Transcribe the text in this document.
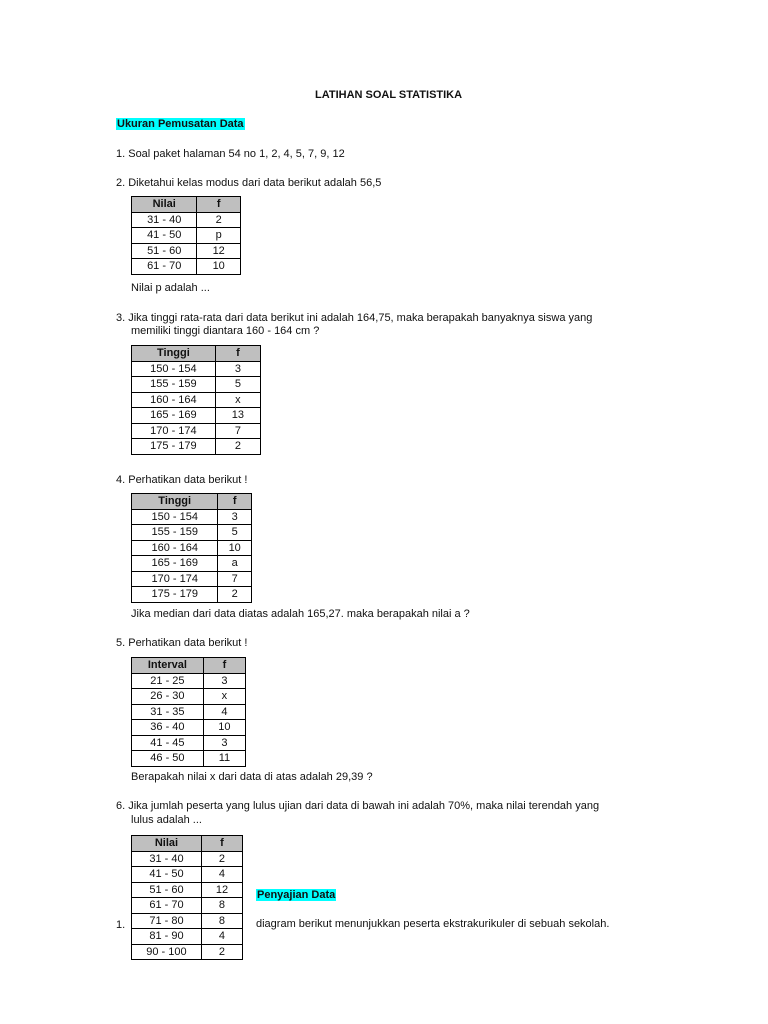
LATIHAN SOAL STATISTIKA
Ukuran Pemusatan Data
1. Soal paket halaman 54 no 1, 2, 4, 5, 7, 9, 12
2. Diketahui kelas modus dari data berikut adalah 56,5
Nilai	f
31 - 40	2
41 - 50	p
51 - 60	12
61 - 70	10
Nilai p adalah ...
3. Jika tinggi rata-rata dari data berikut ini adalah 164,75, maka berapakah banyaknya siswa yang
memiliki tinggi diantara 160 - 164 cm ?
Tinggi	f
150 - 154	3
155 - 159	5
160 - 164	x
165 - 169	13
170 - 174	7
175 - 179	2
4. Perhatikan data berikut !
Tinggi	f
150 - 154	3
155 - 159	5
160 - 164	10
165 - 169	a
170 - 174	7
175 - 179	2
Jika median dari data diatas adalah 165,27. maka berapakah nilai a ?
5. Perhatikan data berikut !
Interval	f
21 - 25	3
26 - 30	x
31 - 35	4
36 - 40	10
41 - 45	3
46 - 50	11
Berapakah nilai x dari data di atas adalah 29,39 ?
6. Jika jumlah peserta yang lulus ujian dari data di bawah ini adalah 70%, maka nilai terendah yang
lulus adalah ...
Nilai	f
31 - 40	2
41 - 50	4
51 - 60	12
61 - 70	8
71 - 80	8
81 - 90	4
90 - 100	2
Penyajian Data
1.	diagram berikut menunjukkan peserta ekstrakurikuler di sebuah sekolah.
